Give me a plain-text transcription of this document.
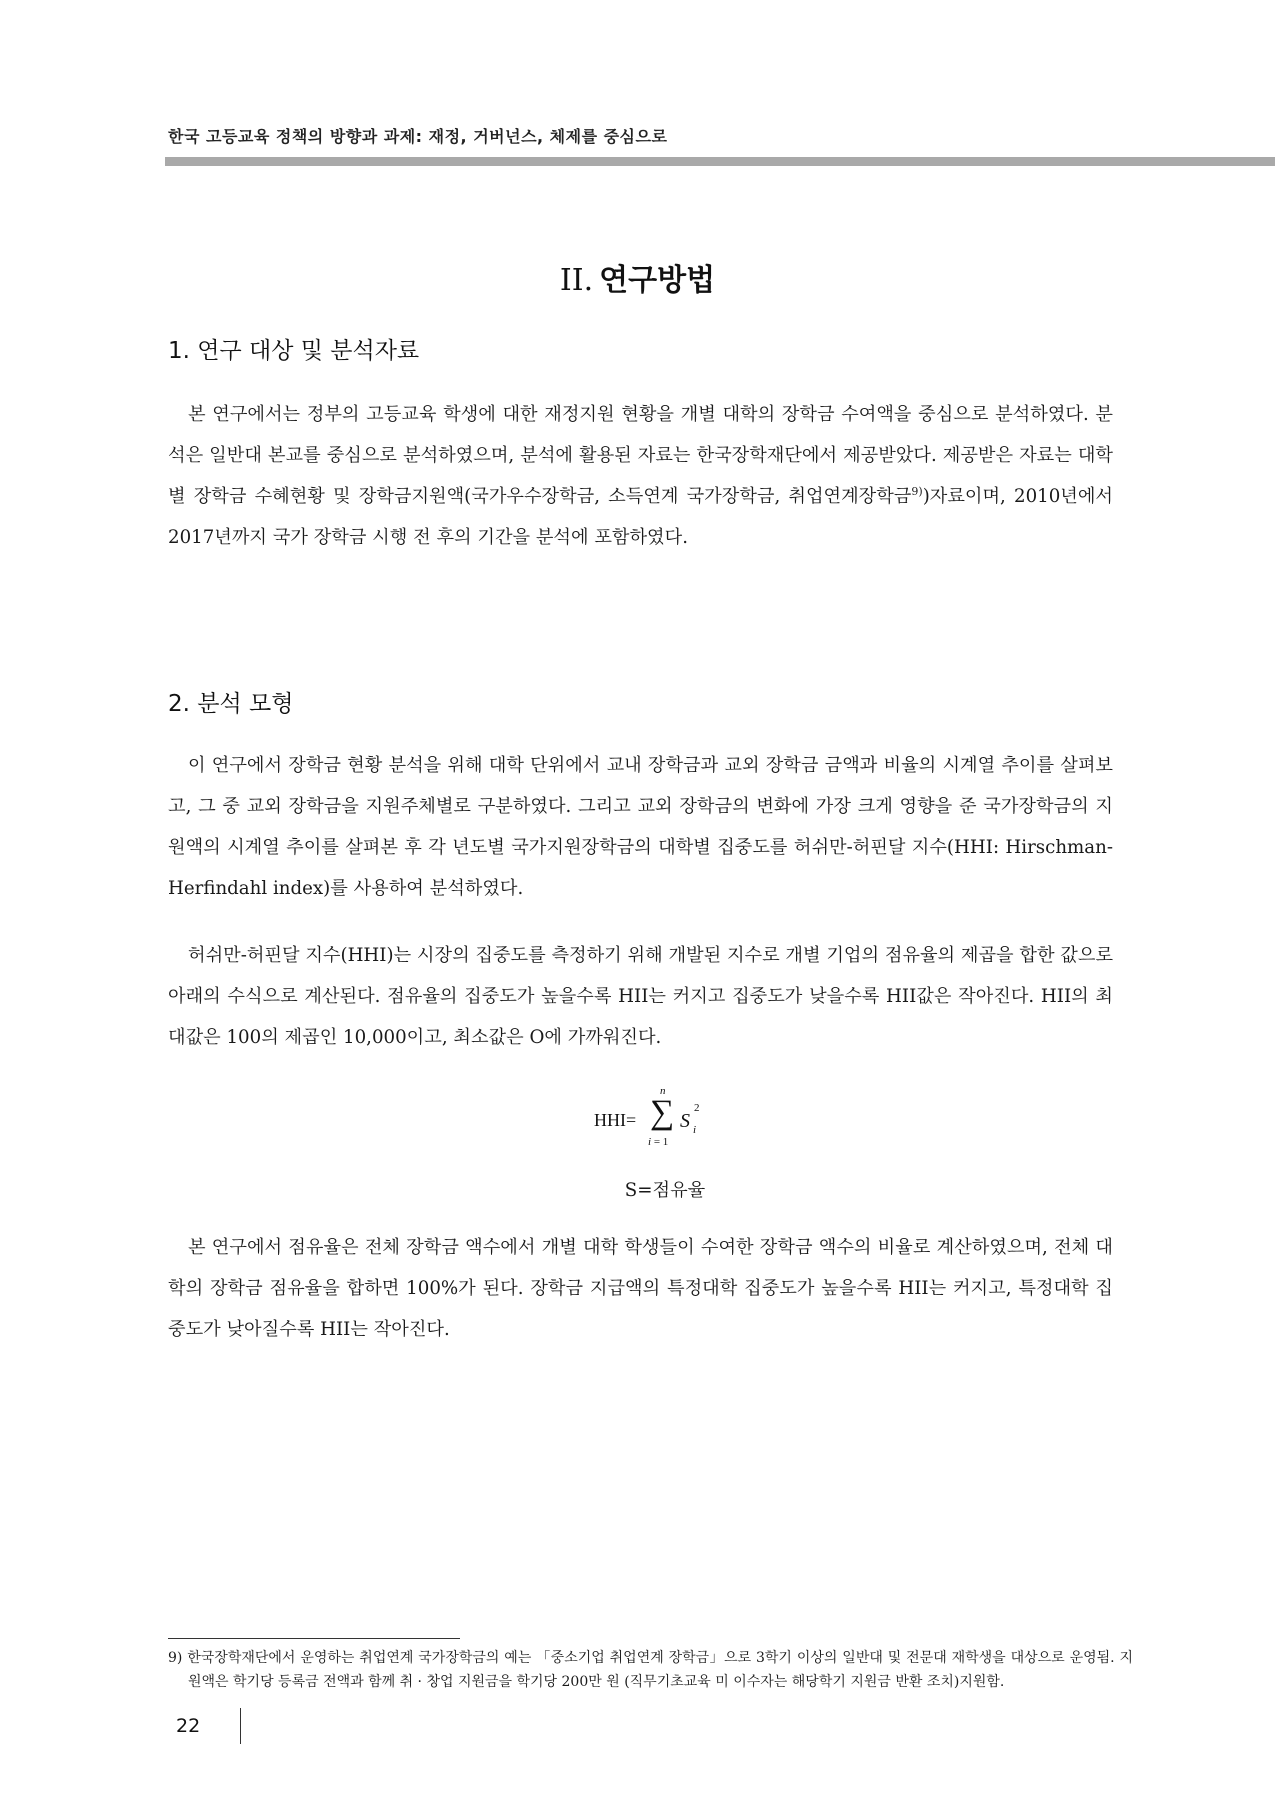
한국 고등교육 정책의 방향과 과제: 재정, 거버넌스, 체제를 중심으로
II. 연구방법
1. 연구 대상 및 분석자료

본 연구에서는 정부의 고등교육 학생에 대한 재정지원 현황을 개별 대학의 장학금 수여액을 중심으로 분석하였다. 분석은 일반대 본교를 중심으로 분석하였으며, 분석에 활용된 자료는 한국장학재단에서 제공받았다. 제공받은 자료는 대학별 장학금 수혜현황 및 장학금지원액(국가우수장학금, 소득연계 국가장학금, 취업연계장학금$^{9)}$)자료이며, 2010년에서 2017년까지 국가 장학금 시행 전 후의 기간을 분석에 포함하였다.

2. 분석 모형

이 연구에서 장학금 현황 분석을 위해 대학 단위에서 교내 장학금과 교외 장학금 금액과 비율의 시계열 추이를 살펴보고, 그 중 교외 장학금을 지원주체별로 구분하였다. 그리고 교외 장학금의 변화에 가장 크게 영향을 준 국가장학금의 지원액의 시계열 추이를 살펴본 후 각 년도별 국가지원장학금의 대학별 집중도를 허쉬만-허핀달 지수(HHI: Hirschman-Herfindahl index)를 사용하여 분석하였다.

허쉬만-허핀달 지수(HHI)는 시장의 집중도를 측정하기 위해 개발된 지수로 개별 기업의 점유율의 제곱을 합한 값으로 아래의 수식으로 계산된다. 점유율의 집중도가 높을수록 HII는 커지고 집중도가 낮을수록 HII값은 작아진다. HII의 최대값은 100의 제곱인 10,000이고, 최소값은 O에 가까워진다.

HHI=
n
∑
i = 1
S
2
i
S=점유율

본 연구에서 점유율은 전체 장학금 액수에서 개별 대학 학생들이 수여한 장학금 액수의 비율로 계산하였으며, 전체 대학의 장학금 점유율을 합하면 100%가 된다. 장학금 지급액의 특정대학 집중도가 높을수록 HII는 커지고, 특정대학 집중도가 낮아질수록 HII는 작아진다.

9) 한국장학재단에서 운영하는 취업연계 국가장학금의 예는 「중소기업 취업연계 장학금」으로 3학기 이상의 일반대 및 전문대 재학생을 대상으로 운영됨. 지원액은 학기당 등록금 전액과 함께 취 · 창업 지원금을 학기당 200만 원 (직무기초교육 미 이수자는 해당학기 지원금 반환 조치)지원함.

22
